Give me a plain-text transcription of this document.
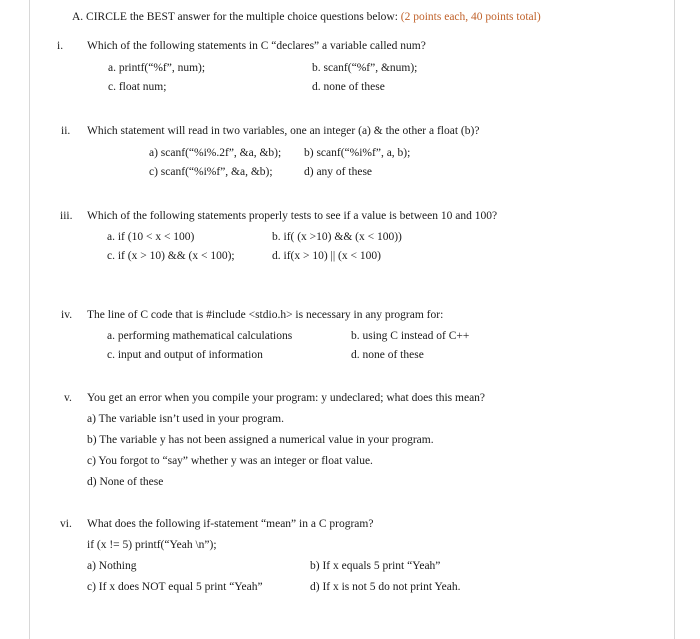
A. CIRCLE the BEST answer for the multiple choice questions below: (2 points each, 40 points total)
i. Which of the following statements in C “declares” a variable called num?
a. printf(“%f”, num);	b. scanf(“%f”, &num);
c. float num;	d. none of these
ii. Which statement will read in two variables, one an integer (a) & the other a float (b)?
a) scanf(“%i%.2f”, &a, &b); b) scanf(“%i%f”, a, b);
c) scanf(“%i%f”, &a, &b);	d) any of these
iii. Which of the following statements properly tests to see if a value is between 10 and 100?
a. if (10 < x < 100)	b. if( (x >10) && (x < 100))
c. if (x > 10) && (x < 100);	d. if(x > 10) || (x < 100)
iv. The line of C code that is #include <stdio.h> is necessary in any program for:
a. performing mathematical calculations	b. using C instead of C++
c. input and output of information	d. none of these
v. You get an error when you compile your program: y undeclared; what does this mean?
a) The variable isn’t used in your program.
b) The variable y has not been assigned a numerical value in your program.
c) You forgot to “say” whether y was an integer or float value.
d) None of these
vi. What does the following if-statement “mean” in a C program?
if (x != 5) printf(“Yeah \n”);
a) Nothing	b) If x equals 5 print “Yeah”
c) If x does NOT equal 5 print “Yeah”	d) If x is not 5 do not print Yeah.
